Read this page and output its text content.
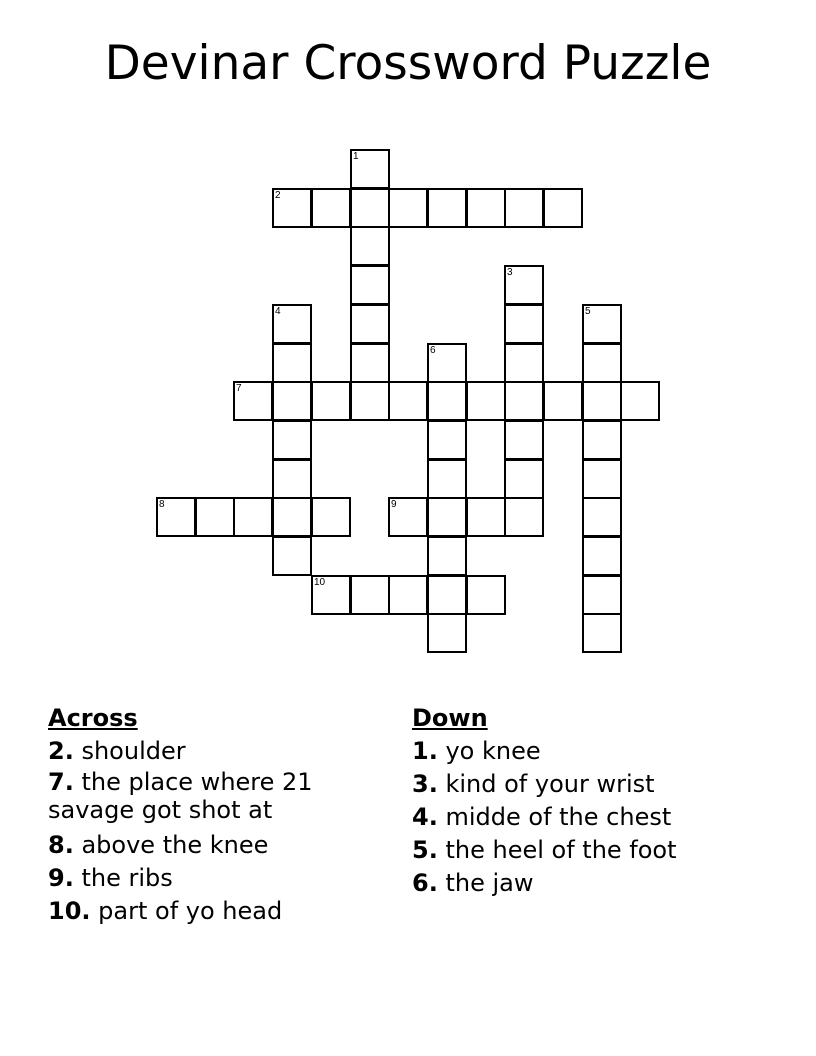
Devinar Crossword Puzzle
2
7
8	9
10
1
3
4	5
6
Across
2. shoulder
7. the place where 21 savage got shot at
8. above the knee
9. the ribs
10. part of yo head
Down
1. yo knee
3. kind of your wrist
4. midde of the chest
5. the heel of the foot
6. the jaw
